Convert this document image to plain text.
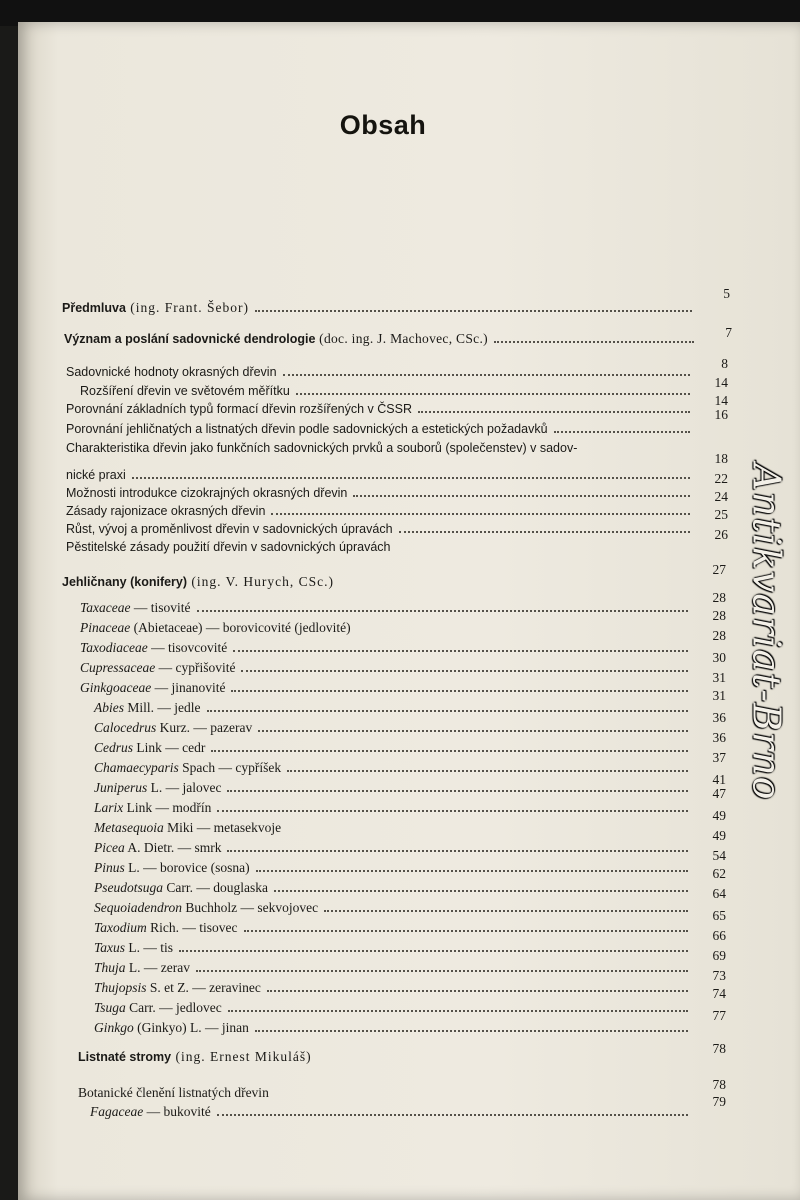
Obsah
Předmluva (ing. Frant. Šebor)
5
Význam a poslání sadovnické dendrologie (doc. ing. J. Machovec, CSc.)	7
Sadovnické hodnoty okrasných dřevin
8
Rozšíření dřevin ve světovém měřítku
14
Porovnání základních typů formací dřevin rozšířených v ČSSR
14
Porovnání jehličnatých a listnatých dřevin podle sadovnických a estetických požadavků
16
Charakteristika dřevin jako funkčních sadovnických prvků a souborů (společenstev) v sadov-
nické praxi
18
Možnosti introdukce cizokrajných okrasných dřevin
22
Zásady rajonizace okrasných dřevin
24
Růst, vývoj a proměnlivost dřevin v sadovnických úpravách
25
Pěstitelské zásady použití dřevin v sadovnických úpravách
26
Jehličnany (konifery) (ing. V. Hurych, CSc.)
27
Taxaceae — tisovité
28
Pinaceae (Abietaceae) — borovicovité (jedlovité)
28
Taxodiaceae — tisovcovité
28
Cupressaceae — cypřišovité
30
Ginkgoaceae — jinanovité
31
Abies Mill. — jedle
31
Calocedrus Kurz. — pazerav
36
Cedrus Link — cedr
36
Chamaecyparis Spach — cypříšek
37
Juniperus L. — jalovec
41
Larix Link — modřín
47
Metasequoia Miki — metasekvoje
49
Picea A. Dietr. — smrk
49
Pinus L. — borovice (sosna)
54
Pseudotsuga Carr. — douglaska
62
Sequoiadendron Buchholz — sekvojovec
64
Taxodium Rich. — tisovec
65
Taxus L. — tis
66
Thuja L. — zerav
69
Thujopsis S. et Z. — zeravinec
73
Tsuga Carr. — jedlovec
74
Ginkgo (Ginkyo) L. — jinan
77
Listnaté stromy (ing. Ernest Mikuláš)
78
Botanické členění listnatých dřevin
78
Fagaceae — bukovité
79
Antikvariat-Brno
